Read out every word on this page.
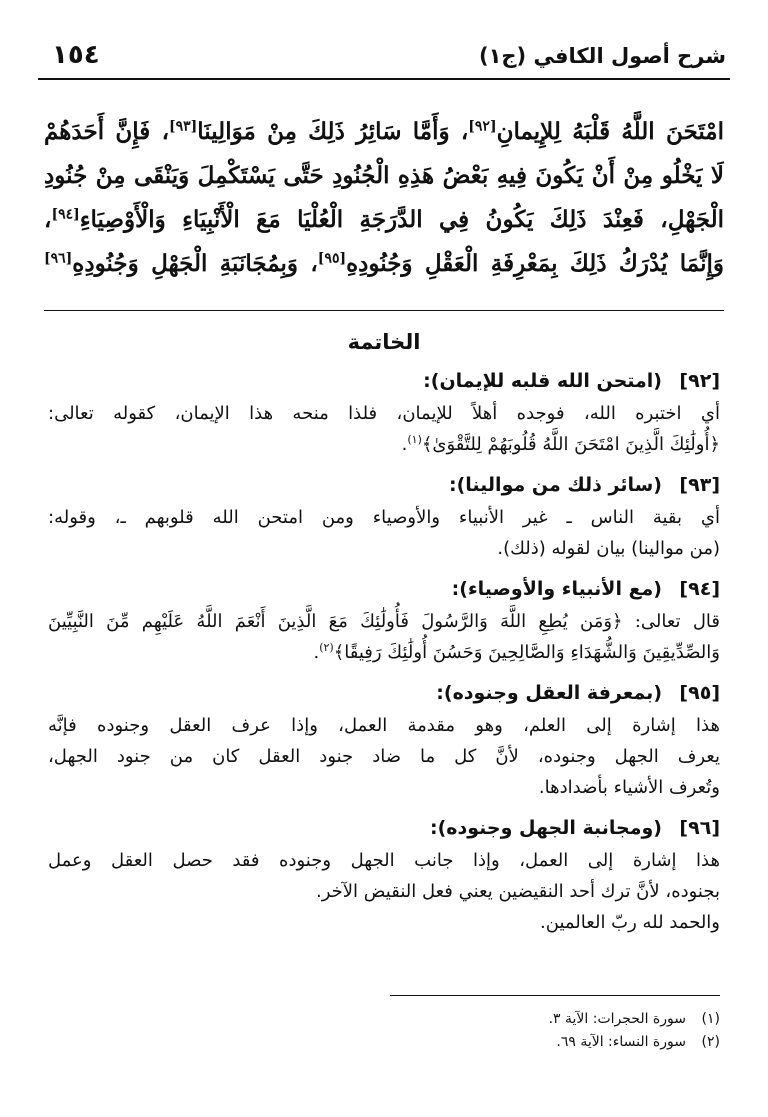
١٥٤	شرح أصول الكافي (ج١)
امْتَحَنَ اللَّهُ قَلْبَهُ لِلإِيمانِ[٩٢]، وَأَمَّا سَائِرُ ذَلِكَ مِنْ مَوَالِينَا[٩٣]، فَإِنَّ أَحَدَهُمْ
لَا يَخْلُو مِنْ أَنْ يَكُونَ فِيهِ بَعْضُ هَذِهِ الْجُنُودِ حَتَّى يَسْتَكْمِلَ وَيَنْقَى مِنْ جُنُودِ
الْجَهْلِ، فَعِنْدَ ذَلِكَ يَكُونُ فِي الدَّرَجَةِ الْعُلْيَا مَعَ الْأَنْبِيَاءِ وَالْأَوْصِيَاءِ[٩٤]،
وَإِنَّمَا يُدْرَكُ ذَلِكَ بِمَعْرِفَةِ الْعَقْلِ وَجُنُودِهِ[٩٥]، وَبِمُجَانَبَةِ الْجَهْلِ وَجُنُودِهِ[٩٦]
الخاتمة
[٩٢]
(امتحن الله قلبه للإيمان):
أي اختبره الله، فوجده أهلاً للإيمان، فلذا منحه هذا الإيمان، كقوله تعالى:
﴿أُولَٰئِكَ الَّذِينَ امْتَحَنَ اللَّهُ قُلُوبَهُمْ لِلتَّقْوَىٰ﴾$^{(١)}$.
[٩٣]
(سائر ذلك من موالينا):
أي بقية الناس ـ غير الأنبياء والأوصياء ومن امتحن الله قلوبهم ـ، وقوله:
(من موالينا) بيان لقوله (ذلك).
[٩٤]
(مع الأنبياء والأوصياء):
قال تعالى: ﴿وَمَن يُطِعِ اللَّهَ وَالرَّسُولَ فَأُولَٰئِكَ مَعَ الَّذِينَ أَنْعَمَ اللَّهُ عَلَيْهِم مِّنَ النَّبِيِّينَ
وَالصِّدِّيقِينَ وَالشُّهَدَاءِ وَالصَّالِحِينَ وَحَسُنَ أُولَٰئِكَ رَفِيقًا﴾$^{(٢)}$.
[٩٥]
(بمعرفة العقل وجنوده):
هذا إشارة إلى العلم، وهو مقدمة العمل، وإذا عرف العقل وجنوده فإنَّه
يعرف الجهل وجنوده، لأنَّ كل ما ضاد جنود العقل كان من جنود الجهل،
وتُعرف الأشياء بأضدادها.
[٩٦]
(ومجانبة الجهل وجنوده):
هذا إشارة إلى العمل، وإذا جانب الجهل وجنوده فقد حصل العقل وعمل
بجنوده، لأنَّ ترك أحد النقيضين يعني فعل النقيض الآخر.
والحمد لله ربّ العالمين.
(١)
سورة الحجرات: الآية ٣.
(٢)
سورة النساء: الآية ٦٩.
